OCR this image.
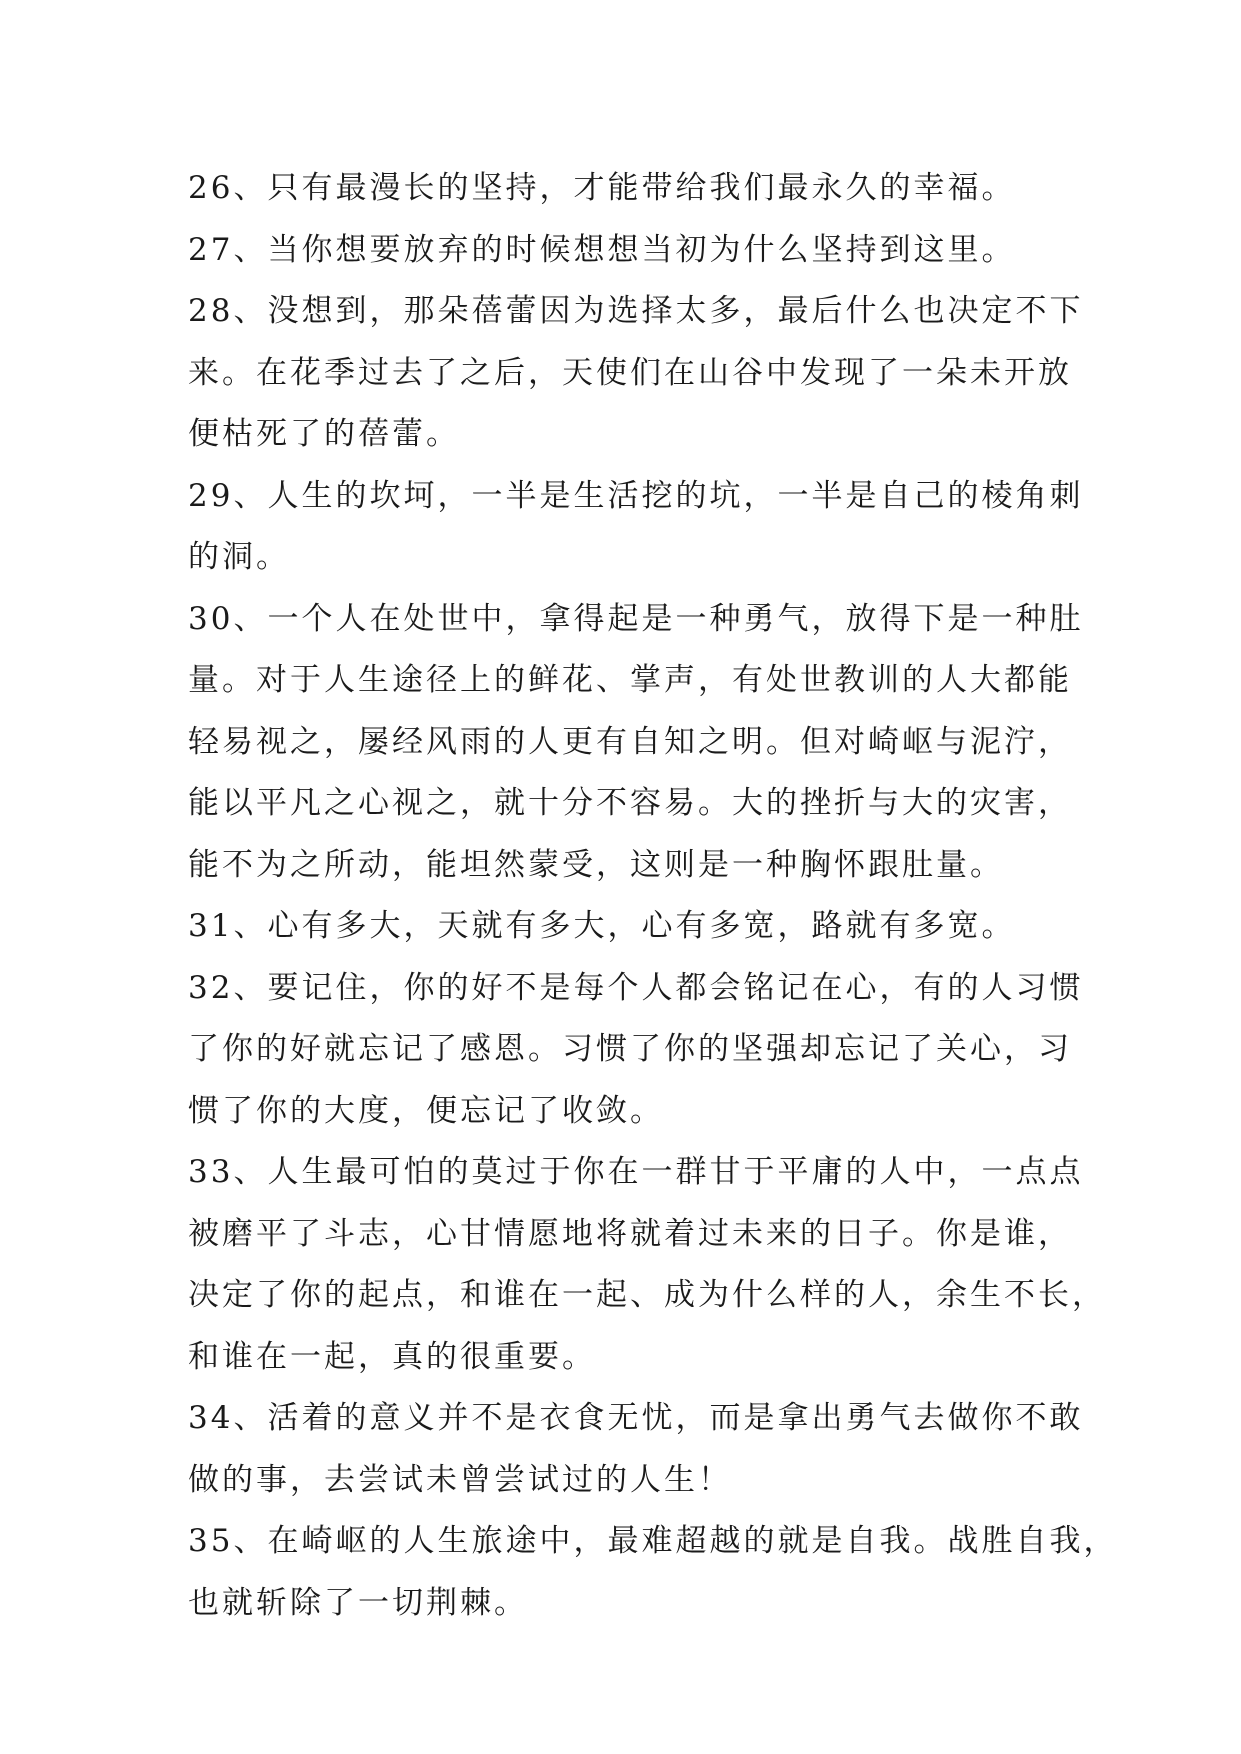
26、只有最漫长的坚持，才能带给我们最永久的幸福。
27、当你想要放弃的时候想想当初为什么坚持到这里。
28、没想到，那朵蓓蕾因为选择太多，最后什么也决定不下
来。在花季过去了之后，天使们在山谷中发现了一朵未开放
便枯死了的蓓蕾。
29、人生的坎坷，一半是生活挖的坑，一半是自己的棱角刺
的洞。
30、一个人在处世中，拿得起是一种勇气，放得下是一种肚
量。对于人生途径上的鲜花、掌声，有处世教训的人大都能
轻易视之，屡经风雨的人更有自知之明。但对崎岖与泥泞，
能以平凡之心视之，就十分不容易。大的挫折与大的灾害，
能不为之所动，能坦然蒙受，这则是一种胸怀跟肚量。
31、心有多大，天就有多大，心有多宽，路就有多宽。
32、要记住，你的好不是每个人都会铭记在心，有的人习惯
了你的好就忘记了感恩。习惯了你的坚强却忘记了关心，习
惯了你的大度，便忘记了收敛。
33、人生最可怕的莫过于你在一群甘于平庸的人中，一点点
被磨平了斗志，心甘情愿地将就着过未来的日子。你是谁，
决定了你的起点，和谁在一起、成为什么样的人，余生不长，
和谁在一起，真的很重要。
34、活着的意义并不是衣食无忧，而是拿出勇气去做你不敢
做的事，去尝试未曾尝试过的人生！
35、在崎岖的人生旅途中，最难超越的就是自我。战胜自我，
也就斩除了一切荆棘。
